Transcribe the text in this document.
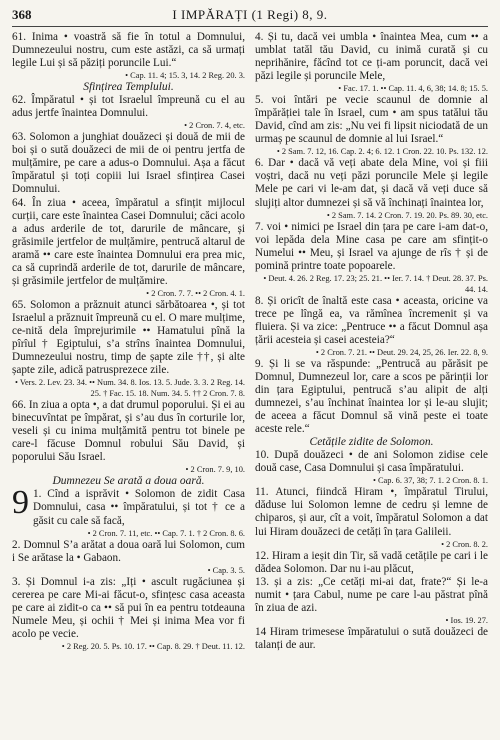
368	I IMPĂRAȚI (1 Regi) 8, 9.

61. Inima • voastră să fie în totul a Domnului, Dumnezeului nostru, cum este astăzi, ca să urmați legile Lui și să păziți poruncile Lui.“

• Cap. 11. 4; 15. 3, 14. 2 Reg. 20. 3.

Sfințirea Templului.

62. Împăratul • și tot Israelul împreună cu el au adus jertfe înaintea Domnului.

• 2 Cron. 7. 4, etc.

63. Solomon a junghiat douăzeci și două de mii de boi și o sută douăzeci de mii de oi pentru jertfa de mulțămire, pe care a adus-o Domnului. Așa a făcut împăratul și toți copiii lui Israel sfințirea Casei Domnului.

64. În ziua • aceea, împăratul a sfințit mijlocul curții, care este înaintea Casei Domnului; căci acolo a adus arderile de tot, darurile de mâncare, și grăsimile jertfelor de mulțămire, pentrucă altarul de aramă •• care este înaintea Domnului era prea mic, ca să cuprindă arderile de tot, darurile de mâncare, și grăsimile jertfelor de mulțămire.

• 2 Cron. 7. 7. •• 2 Cron. 4. 1.

65. Solomon a prăznuit atunci sărbătoarea •, și tot Israelul a prăznuit împreună cu el. O mare mulțime, ce-nită dela împrejurimile •• Hamatului pînă la pîrîul † Egiptului, s’a strîns înaintea Domnului, Dumnezeului nostru, timp de șapte zile ††, și alte șapte zile, adică patrusprezece zile.

• Vers. 2. Lev. 23. 34. •• Num. 34. 8. Ios. 13. 5. Jude. 3. 3. 2 Reg. 14. 25. † Fac. 15. 18. Num. 34. 5. †† 2 Cron. 7. 8.

66. In ziua a opta •, a dat drumul poporului. Și ei au binecuvîntat pe împărat, și s’au dus în corturile lor, veseli și cu inima mulțămită pentru tot binele pe care-l făcuse Domnul robului Său David, și poporului Său Israel.

• 2 Cron. 7. 9, 10.

Dumnezeu Se arată a doua oară.

9 1. Cînd a isprăvit • Solomon de zidit Casa Domnului, casa •• împăratului, și tot † ce a găsit cu cale să facă,

• 2 Cron. 7. 11, etc. •• Cap. 7. 1. † 2 Cron. 8. 6.

2. Domnul S’a arătat a doua oară lui Solomon, cum i Se arătase la • Gabaon.

• Cap. 3. 5.

3. Și Domnul i-a zis: „Iți • ascult rugăciunea și cererea pe care Mi-ai făcut-o, sfințesc casa aceasta pe care ai zidit-o ca •• să pui în ea pentru totdeauna Numele Meu, și ochii † Mei și inima Mea vor fi acolo pe vecie.

• 2 Reg. 20. 5. Ps. 10. 17. •• Cap. 8. 29. † Deut. 11. 12.

4. Și tu, dacă vei umbla • înaintea Mea, cum •• a umblat tatăl tău David, cu inimă curată și cu neprihănire, făcînd tot ce ți-am poruncit, dacă vei păzi legile și poruncile Mele,

• Fac. 17. 1. •• Cap. 11. 4, 6, 38; 14. 8; 15. 5.

5. voi întări pe vecie scaunul de domnie al împărăției tale în Israel, cum • am spus tatălui tău David, cînd am zis: „Nu vei fi lipsit niciodată de un urmaș pe scaunul de domnie al lui Israel.“

• 2 Sam. 7. 12, 16. Cap. 2. 4; 6. 12. 1 Cron. 22. 10. Ps. 132. 12.

6. Dar • dacă vă veți abate dela Mine, voi și fiii voștri, dacă nu veți păzi poruncile Mele și legile Mele pe cari vi le-am dat, și dacă vă veți duce să slujiți altor dumnezei și să vă închinați înaintea lor,

• 2 Sam. 7. 14. 2 Cron. 7. 19. 20. Ps. 89. 30, etc.

7. voi • nimici pe Israel din țara pe care i-am dat-o, voi lepăda dela Mine casa pe care am sfințit-o Numelui •• Meu, și Israel va ajunge de rîs † și de pomină printre toate popoarele.

• Deut. 4. 26. 2 Reg. 17. 23; 25. 21. •• Ier. 7. 14. † Deut. 28. 37. Ps. 44. 14.

8. Și oricît de înaltă este casa • aceasta, oricine va trece pe lîngă ea, va rămînea încremenit și va fluiera. Și va zice: „Pentruce •• a făcut Domnul așa țării acesteia și casei acesteia?“

• 2 Cron. 7. 21. •• Deut. 29. 24, 25, 26. Ier. 22. 8, 9.

9. Și li se va răspunde: „Pentrucă au părăsit pe Domnul, Dumnezeul lor, care a scos pe părinții lor din țara Egiptului, pentrucă s’au alipit de alți dumnezei, s’au închinat înaintea lor și le-au slujit; de aceea a făcut Domnul să vină peste ei toate aceste rele.“

Cetățile zidite de Solomon.

10. După douăzeci • de ani Solomon zidise cele două case, Casa Domnului și casa împăratului.

• Cap. 6. 37, 38; 7. 1. 2 Cron. 8. 1.

11. Atunci, fiindcă Hiram •, împăratul Tirului, dăduse lui Solomon lemne de cedru și lemne de chiparos, și aur, cît a voit, împăratul Solomon a dat lui Hiram douăzeci de cetăți în țara Galileii.

• 2 Cron. 8. 2.

12. Hiram a ieșit din Tir, să vadă cetățile pe cari i le dădea Solomon. Dar nu i-au plăcut,

13. și a zis: „Ce cetăți mi-ai dat, frate?“ Și le-a numit • țara Cabul, nume pe care l-au păstrat pînă în ziua de azi.

• Ios. 19. 27.

14 Hiram trimesese împăratului o sută douăzeci de talanți de aur.
